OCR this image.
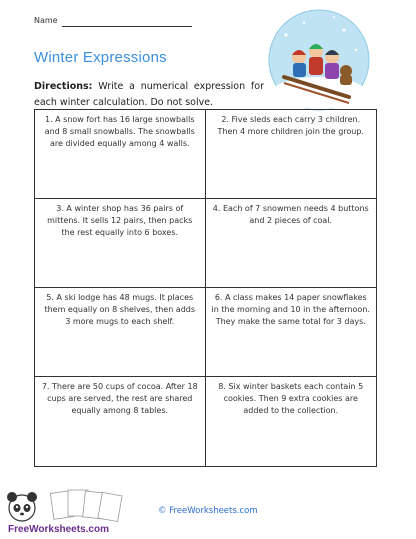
Name
Winter Expressions
Directions: Write a numerical expression for each winter calculation. Do not solve.
1. A snow fort has 16 large snowballs and 8 small snowballs. The snowballs are divided equally among 4 walls.
2. Five sleds each carry 3 children. Then 4 more children join the group.
3. A winter shop has 36 pairs of mittens. It sells 12 pairs, then packs the rest equally into 6 boxes.
4. Each of 7 snowmen needs 4 buttons and 2 pieces of coal.
5. A ski lodge has 48 mugs. It places them equally on 8 shelves, then adds 3 more mugs to each shelf.
6. A class makes 14 paper snowflakes in the morning and 10 in the afternoon. They make the same total for 3 days.
7. There are 50 cups of cocoa. After 18 cups are served, the rest are shared equally among 8 tables.
8. Six winter baskets each contain 5 cookies. Then 9 extra cookies are added to the collection.
FreeWorksheets.com
© FreeWorksheets.com
